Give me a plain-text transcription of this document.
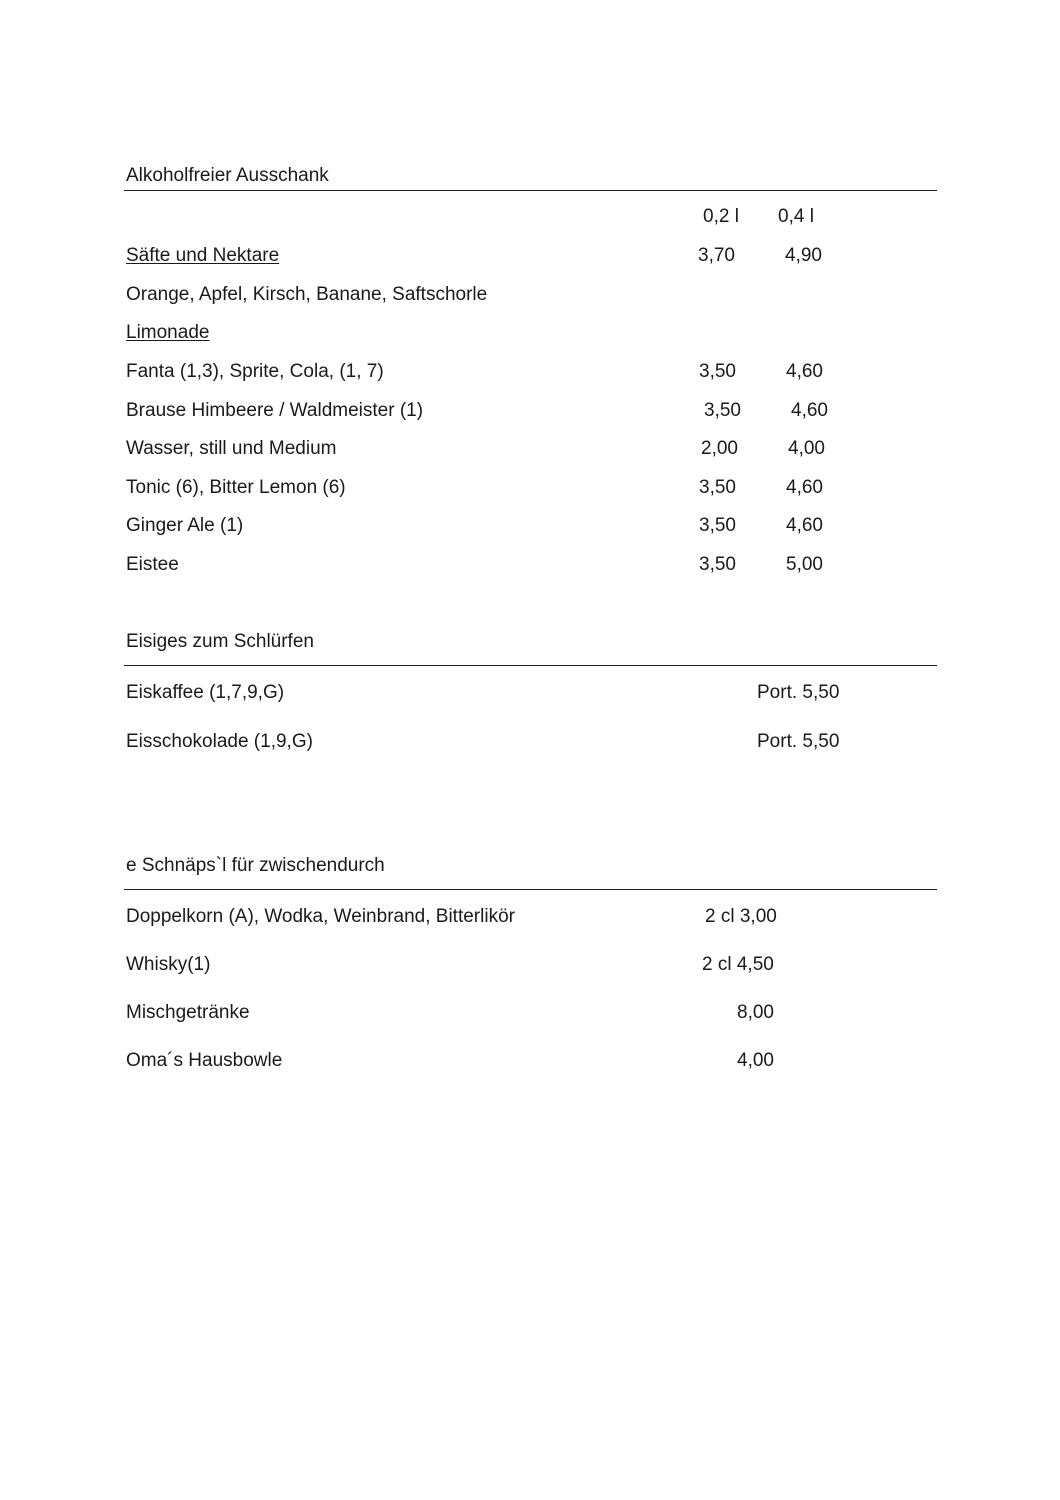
Alkoholfreier Ausschank
0,2 l 0,4 l
Säfte und Nektare	3,70	4,90
Orange, Apfel, Kirsch, Banane, Saftschorle
Limonade
Fanta (1,3), Sprite, Cola, (1, 7)	3,50	4,60
Brause Himbeere / Waldmeister (1)	3,50	4,60
Wasser, still und Medium	2,00	4,00
Tonic (6), Bitter Lemon (6)	3,50	4,60
Ginger Ale (1)	3,50	4,60
Eistee	3,50	5,00
Eisiges zum Schlürfen
Eiskaffee (1,7,9,G)	Port. 5,50
Eisschokolade (1,9,G)	Port. 5,50
e Schnäps`l für zwischendurch
Doppelkorn (A), Wodka, Weinbrand, Bitterlikör	2 cl 3,00
Whisky(1)	2 cl 4,50
Mischgetränke	8,00
Oma´s Hausbowle	4,00
